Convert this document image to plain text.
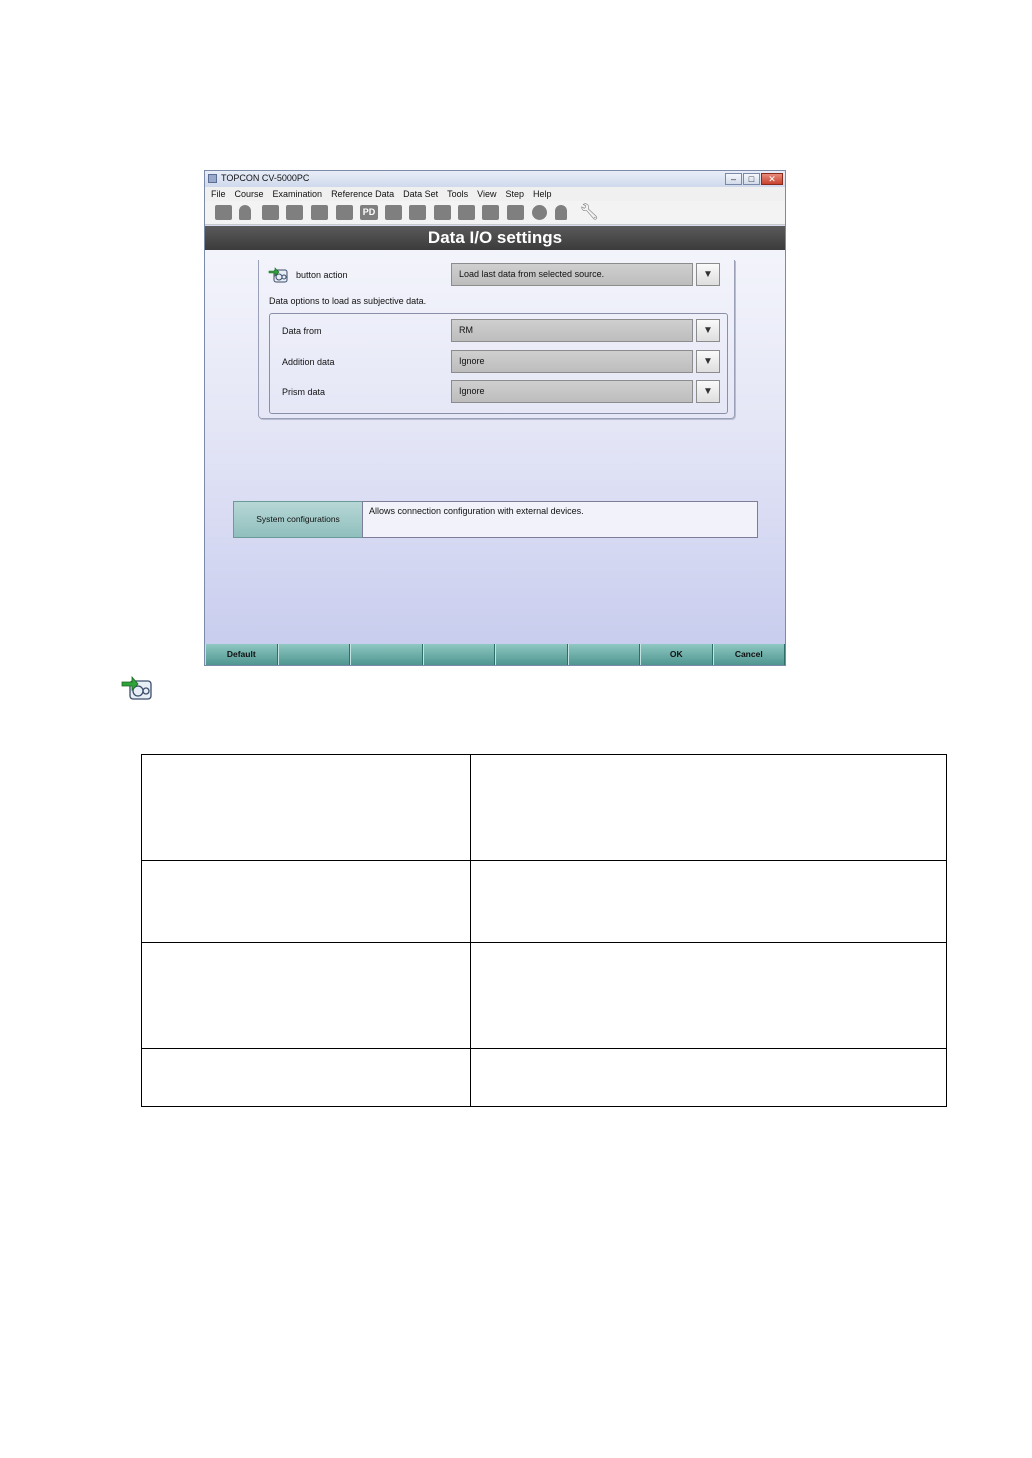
TOPCON CV-5000PC	–	□	✕
File Course Examination Reference Data Data Set Tools View Step Help
PD	🔧︎
Data I/O settings
button action	Load last data from selected source.	▼
Data options to load as subjective data.
Data from	RM	▼
Addition data	Ignore	▼
Prism data	Ignore	▼
System configurations
Allows connection configuration with external devices.
Default	OK	Cancel
